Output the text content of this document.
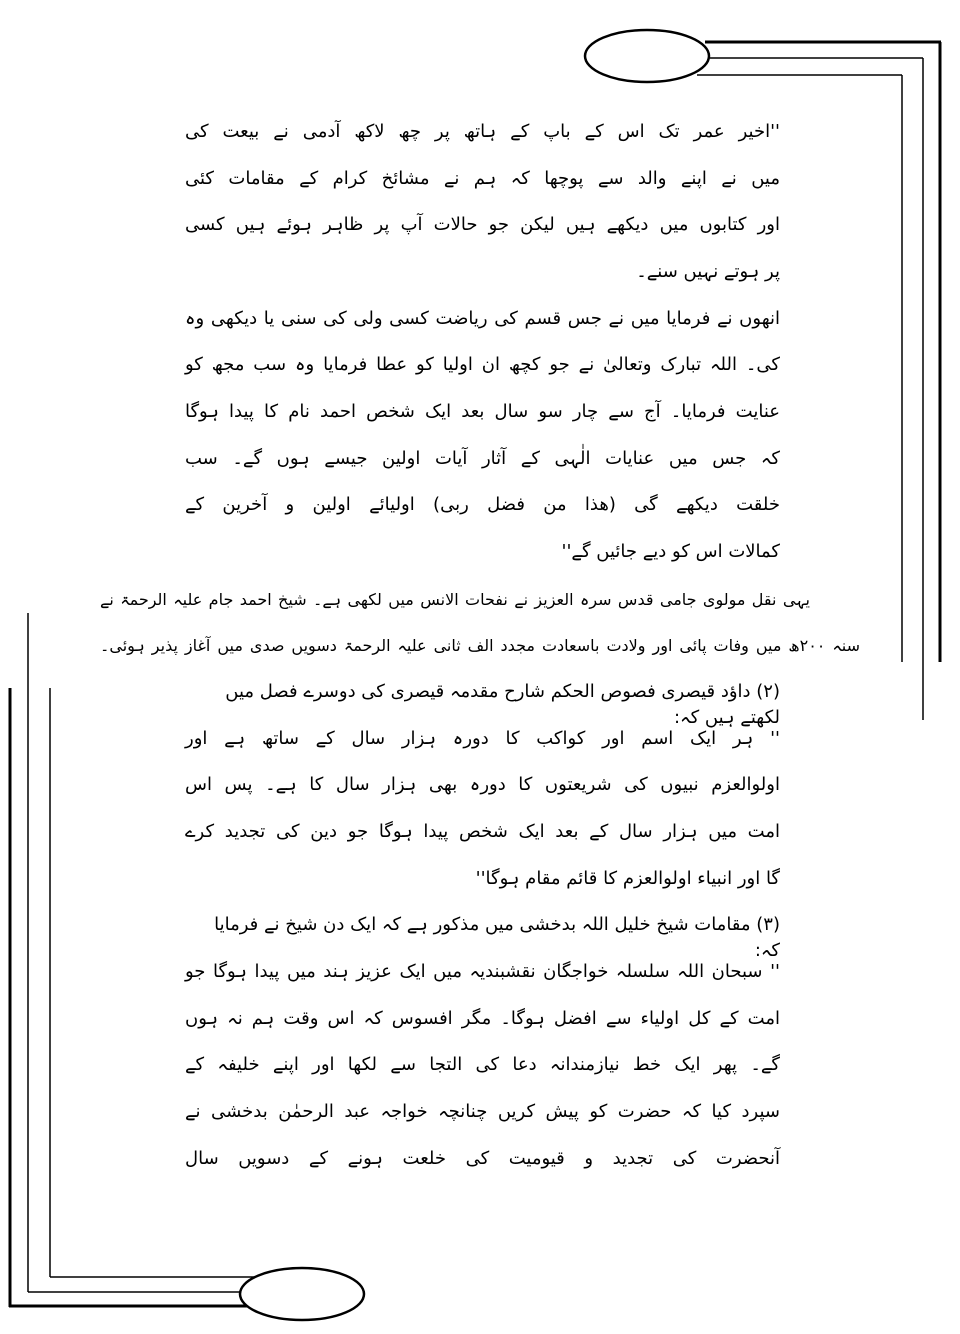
''اخیر عمر تک اس کے باپ کے ہاتھ پر چھ لاکھ آدمی نے بیعت کی
میں نے اپنے والد سے پوچھا کہ ہم نے مشائخ کرام کے مقامات کئی
اور کتابوں میں دیکھے ہیں لیکن جو حالات آپ پر ظاہر ہوئے ہیں کسی
پر ہوتے نہیں سنے۔
انھوں نے فرمایا میں نے جس قسم کی ریاضت کسی ولی کی سنی یا دیکھی وہ
کی۔ اللہ تبارک وتعالیٰ نے جو کچھ ان اولیا کو عطا فرمایا وہ سب مجھ کو
عنایت فرمایا۔ آج سے چار سو سال بعد ایک شخص احمد نام کا پیدا ہوگا
کہ جس میں عنایات الٰہی کے آثار آیات اولین جیسے ہوں گے۔ سب
خلقت دیکھے گی (ھذا من فضل ربی) اولیائے اولین و آخرین کے
کمالات اس کو دیے جائیں گے''
یہی نقل مولوی جامی قدس سرہ العزیز نے نفحات الانس میں لکھی ہے۔ شیخ احمد جام علیہ الرحمۃ نے
سنہ ۲۰۰ھ میں وفات پائی اور ولادت باسعادت مجدد الف ثانی علیہ الرحمۃ دسویں صدی میں آغاز پذیر ہوئی۔
(۲) داؤد قیصری فصوص الحکم شارح مقدمہ قیصری کی دوسرے فصل میں لکھتے ہیں کہ:
'' ہر ایک اسم اور کواکب کا دورہ ہزار سال کے ساتھ ہے اور
اولوالعزم نبیوں کی شریعتوں کا دورہ بھی ہزار سال کا ہے۔ پس اس
امت میں ہزار سال کے بعد ایک شخص پیدا ہوگا جو دین کی تجدید کرے
گا اور انبیاء اولوالعزم کا قائم مقام ہوگا''
(۳) مقامات شیخ خلیل اللہ بدخشی میں مذکور ہے کہ ایک دن شیخ نے فرمایا کہ:
'' سبحان اللہ سلسلہ خواجگان نقشبندیہ میں ایک عزیز ہند میں پیدا ہوگا جو
امت کے کل اولیاء سے افضل ہوگا۔ مگر افسوس کہ اس وقت ہم نہ ہوں
گے۔ پھر ایک خط نیازمندانہ دعا کی التجا سے لکھا اور اپنے خلیفہ کے
سپرد کیا کہ حضرت کو پیش کریں چنانچہ خواجہ عبد الرحمٰن بدخشی نے
آنحضرت کی تجدید و قیومیت کی خلعت ہونے کے دسویں سال
